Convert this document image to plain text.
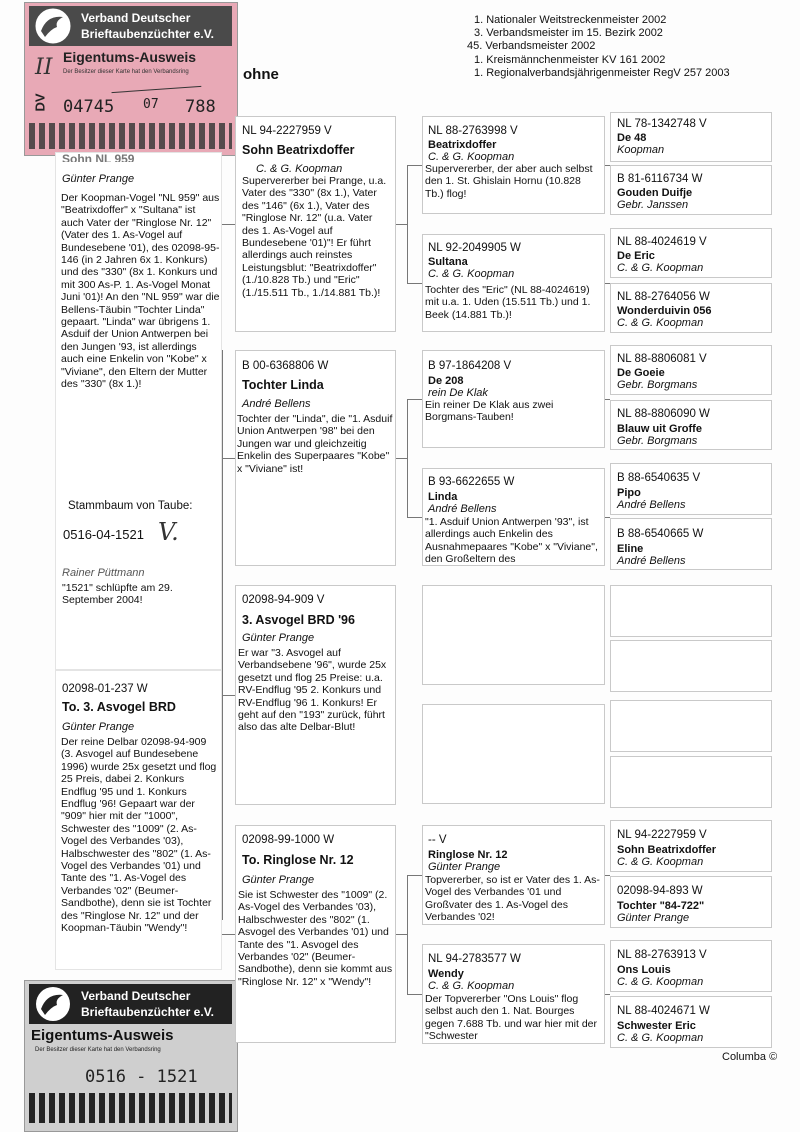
1. Nationaler Weitstreckenmeister 2002
3. Verbandsmeister im 15. Bezirk 2002
45. Verbandsmeister 2002
1. Kreismännchenmeister KV 161 2002
1. Regionalverbandsjährigenmeister RegV 257 2003
ohne
Verband Deutscher
Brieftaubenzüchter e.V.
Eigentums-Ausweis
II Der Besitzer dieser Karte hat den Verbandsring
DV 04745 07 788
Sohn NL 959
Günter Prange
Der Koopman-Vogel "NL 959" aus "Beatrixdoffer" x "Sultana" ist auch Vater der "Ringlose Nr. 12" (Vater des 1. As-Vogel auf Bundesebene '01), des 02098-95-146 (in 2 Jahren 6x 1. Konkurs) und des "330" (8x 1. Konkurs und mit 300 As-P. 1. As-Vogel Monat Juni '01)! An den "NL 959" war die Bellens-Täubin "Tochter Linda" gepaart. "Linda" war übrigens 1. Asduif der Union Antwerpen bei den Jungen '93, ist allerdings auch eine Enkelin von "Kobe" x "Viviane", den Eltern der Mutter des "330" (8x 1.)!
Stammbaum von Taube:
0516-04-1521 V.
Rainer Püttmann
"1521" schlüpfte am 29. September 2004!
02098-01-237 W
To. 3. Asvogel BRD
Günter Prange
Der reine Delbar 02098-94-909 (3. Asvogel auf Bundesebene 1996) wurde 25x gesetzt und flog 25 Preis, dabei 2. Konkurs Endflug '95 und 1. Konkurs Endflug '96! Gepaart war der "909" hier mit der "1000", Schwester des "1009" (2. As-Vogel des Verbandes '03), Halbschwester des "802" (1. As-Vogel des Verbandes '01) und Tante des "1. As-Vogel des Verbandes '02" (Beumer-Sandbothe), denn sie ist Tochter des "Ringlose Nr. 12" und der Koopman-Täubin "Wendy"!
Verband Deutscher
Brieftaubenzüchter e.V.
Eigentums-Ausweis
Der Besitzer dieser Karte hat den Verbandsring
0516 - 1521
NL 94-2227959 V
Sohn Beatrixdoffer
C. & G. Koopman
Supervererber bei Prange, u.a. Vater des "330" (8x 1.), Vater des "146" (6x 1.), Vater des "Ringlose Nr. 12" (u.a. Vater des 1. As-Vogel auf Bundesebene '01)"! Er führt allerdings auch reinstes Leistungsblut: "Beatrixdoffer" (1./10.828 Tb.) und "Eric" (1./15.511 Tb., 1./14.881 Tb.)!
B 00-6368806 W
Tochter Linda
André Bellens
Tochter der "Linda", die "1. Asduif Union Antwerpen '98" bei den Jungen war und gleichzeitig Enkelin des Superpaares "Kobe" x "Viviane" ist!
02098-94-909 V
3. Asvogel BRD '96
Günter Prange
Er war "3. Asvogel auf Verbandsebene '96", wurde 25x gesetzt und flog 25 Preise: u.a. RV-Endflug '95 2. Konkurs und RV-Endflug '96 1. Konkurs! Er geht auf den "193" zurück, führt also das alte Delbar-Blut!
02098-99-1000 W
To. Ringlose Nr. 12
Günter Prange
Sie ist Schwester des "1009" (2. As-Vogel des Verbandes '03), Halbschwester des "802" (1. Asvogel des Verbandes '01) und Tante des "1. Asvogel des Verbandes '02" (Beumer-Sandbothe), denn sie kommt aus "Ringlose Nr. 12" x "Wendy"!
NL 88-2763998 V
Beatrixdoffer
C. & G. Koopman
Supervererber, der aber auch selbst den 1. St. Ghislain Hornu (10.828 Tb.) flog!
NL 92-2049905 W
Sultana
C. & G. Koopman
Tochter des "Eric" (NL 88-4024619) mit u.a. 1. Uden (15.511 Tb.) und 1. Beek (14.881 Tb.)!
B 97-1864208 V
De 208
rein De Klak
Ein reiner De Klak aus zwei Borgmans-Tauben!
B 93-6622655 W
Linda
André Bellens
"1. Asduif Union Antwerpen '93", ist allerdings auch Enkelin des Ausnahmepaares "Kobe" x "Viviane", den Großeltern des
-- V
Ringlose Nr. 12
Günter Prange
Topvererber, so ist er Vater des 1. As-Vogel des Verbandes '01 und Großvater des 1. As-Vogel des Verbandes '02!
NL 94-2783577 W
Wendy
C. & G. Koopman
Der Topvererber "Ons Louis" flog selbst auch den 1. Nat. Bourges gegen 7.688 Tb. und war hier mit der "Schwester
NL 78-1342748 V
De 48
Koopman
B 81-6116734 W
Gouden Duifje
Gebr. Janssen
NL 88-4024619 V
De Eric
C. & G. Koopman
NL 88-2764056 W
Wonderduivin 056
C. & G. Koopman
NL 88-8806081 V
De Goeie
Gebr. Borgmans
NL 88-8806090 W
Blauw uit Groffe
Gebr. Borgmans
B 88-6540635 V
Pipo
André Bellens
B 88-6540665 W
Eline
André Bellens
NL 94-2227959 V
Sohn Beatrixdoffer
C. & G. Koopman
02098-94-893 W
Tochter "84-722"
Günter Prange
NL 88-2763913 V
Ons Louis
C. & G. Koopman
NL 88-4024671 W
Schwester Eric
C. & G. Koopman
Columba ©
